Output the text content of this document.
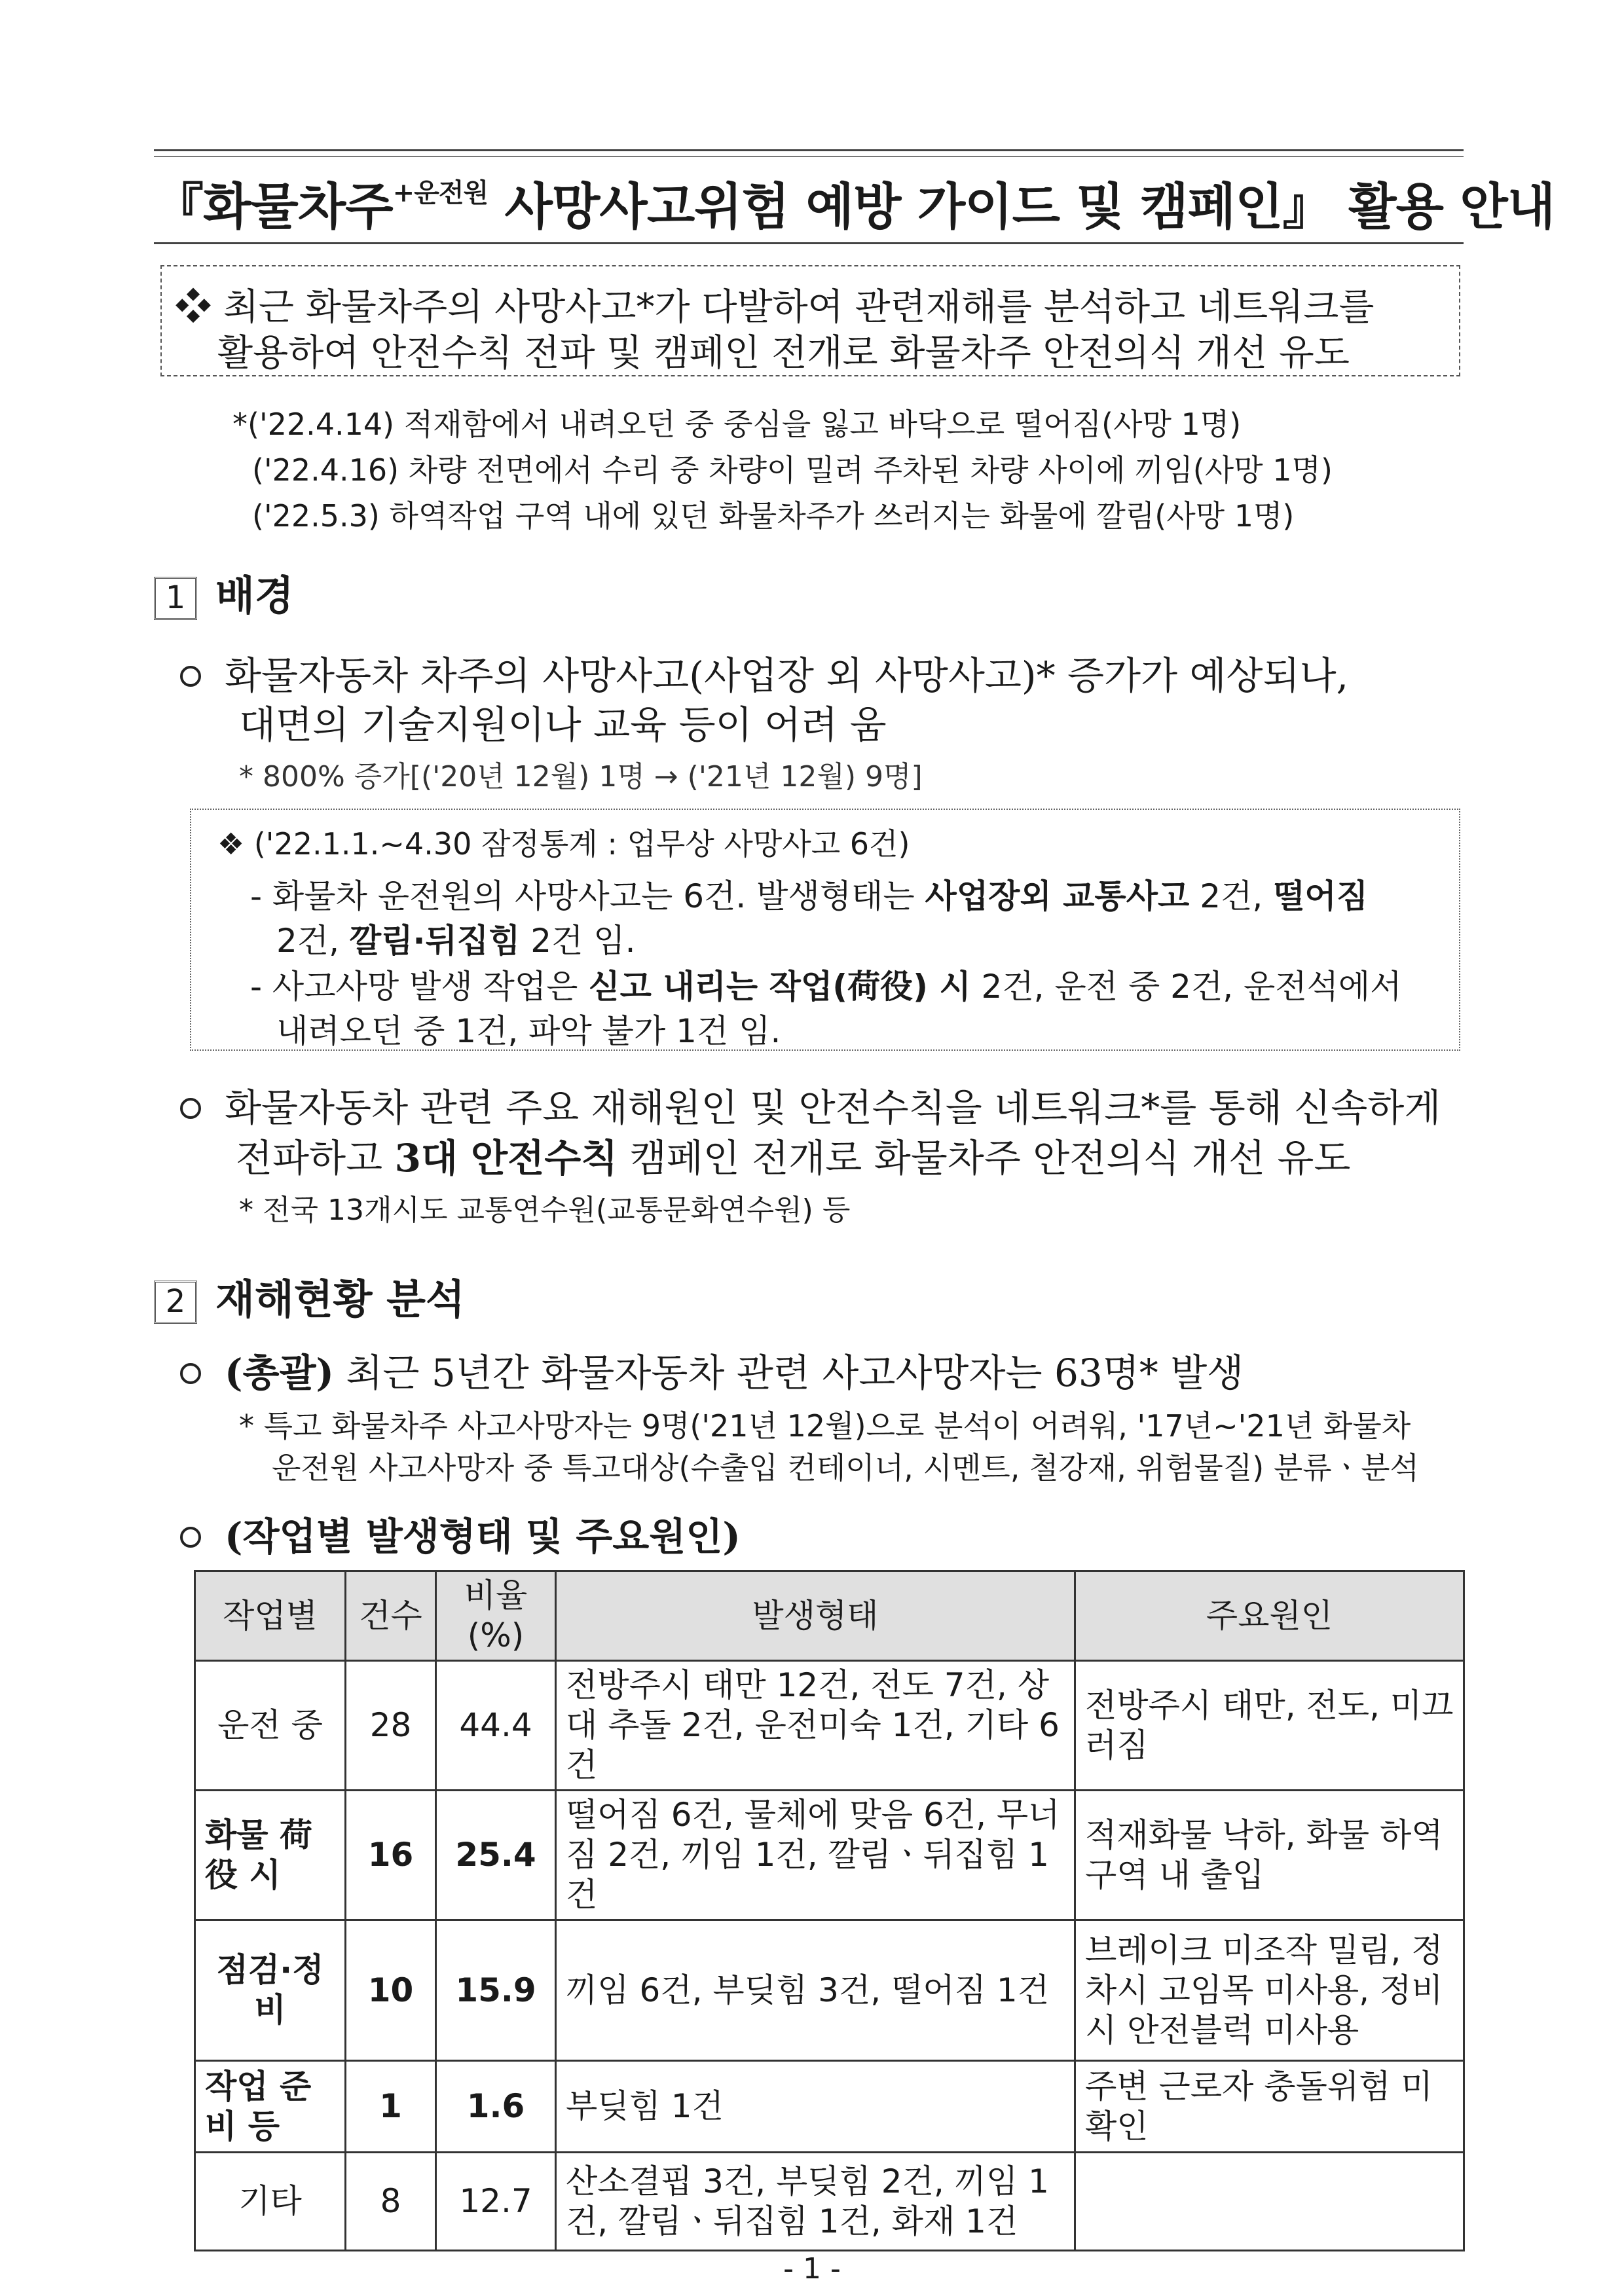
『화물차주$^{+운전원}$ 사망사고위험 예방 가이드 및 캠페인』 활용 안내
❖ 최근 화물차주의 사망사고*가 다발하여 관련재해를 분석하고 네트워크를
활용하여 안전수칙 전파 및 캠페인 전개로 화물차주 안전의식 개선 유도
*('22.4.14) 적재함에서 내려오던 중 중심을 잃고 바닥으로 떨어짐(사망 1명)
('22.4.16) 차량 전면에서 수리 중 차량이 밀려 주차된 차량 사이에 끼임(사망 1명)
('22.5.3) 하역작업 구역 내에 있던 화물차주가 쓰러지는 화물에 깔림(사망 1명)
1 배경
화물자동차 차주의 사망사고(사업장 외 사망사고)* 증가가 예상되나,
대면의 기술지원이나 교육 등이 어려 움
* 800% 증가[('20년 12월) 1명 → ('21년 12월) 9명]
❖ ('22.1.1.~4.30 잠정통계 : 업무상 사망사고 6건)
- 화물차 운전원의 사망사고는 6건. 발생형태는 사업장외 교통사고 2건, 떨어짐
2건, 깔림·뒤집힘 2건 임.
- 사고사망 발생 작업은 싣고 내리는 작업(荷役) 시 2건, 운전 중 2건, 운전석에서
내려오던 중 1건, 파악 불가 1건 임.
화물자동차 관련 주요 재해원인 및 안전수칙을 네트워크*를 통해 신속하게
전파하고 3대 안전수칙 캠페인 전개로 화물차주 안전의식 개선 유도
* 전국 13개시도 교통연수원(교통문화연수원) 등
2 재해현황 분석
(총괄) 최근 5년간 화물자동차 관련 사고사망자는 63명* 발생
* 특고 화물차주 사고사망자는 9명('21년 12월)으로 분석이 어려워, '17년~'21년 화물차
운전원 사고사망자 중 특고대상(수출입 컨테이너, 시멘트, 철강재, 위험물질) 분류ㆍ분석
(작업별 발생형태 및 주요원인)
작업별	건수	비율(%)	발생형태	주요원인
운전 중	28	44.4	전방주시 태만 12건, 전도 7건, 상대 추돌 2건, 운전미숙 1건, 기타 6건	전방주시 태만, 전도, 미끄러짐
화물 荷役 시	16	25.4	떨어짐 6건, 물체에 맞음 6건, 무너짐 2건, 끼임 1건, 깔림ㆍ뒤집힘 1건	적재화물 낙하, 화물 하역구역 내 출입
점검·정비	10	15.9	끼임 6건, 부딪힘 3건, 떨어짐 1건	브레이크 미조작 밀림, 정차시 고임목 미사용, 정비시 안전블럭 미사용
작업 준비 등	1	1.6	부딪힘 1건	주변 근로자 충돌위험 미확인
기타	8	12.7	산소결핍 3건, 부딪힘 2건, 끼임 1건, 깔림ㆍ뒤집힘 1건, 화재 1건	
- 1 -
